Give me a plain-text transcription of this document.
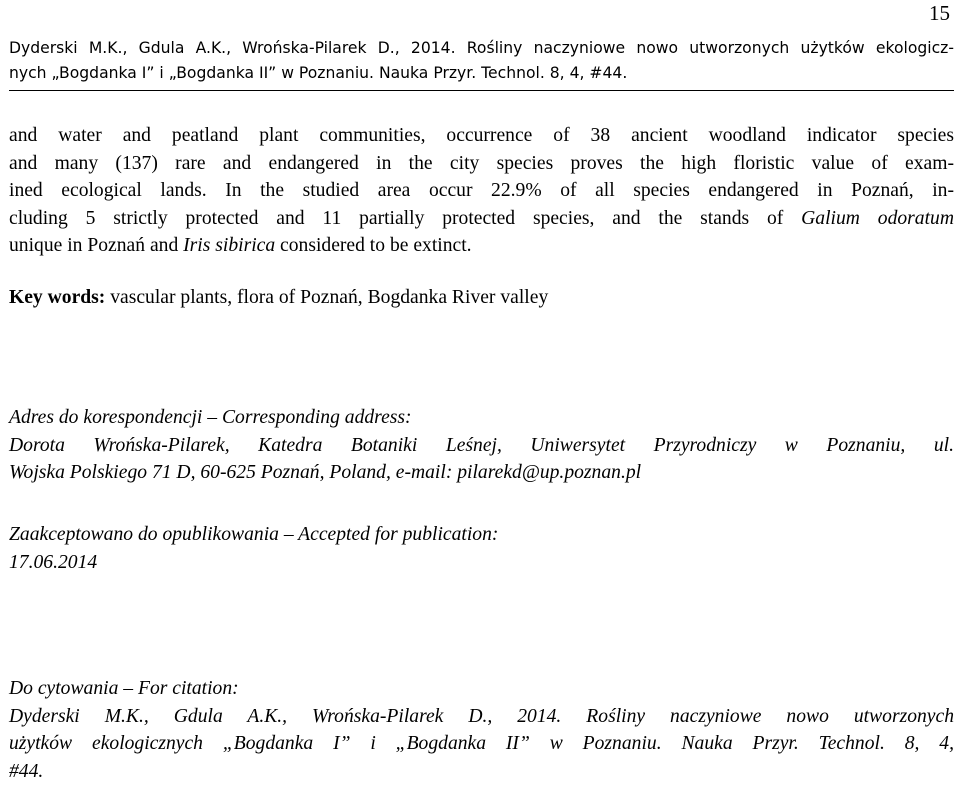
15
Dyderski M.K., Gdula A.K., Wrońska-Pilarek D., 2014. Rośliny naczyniowe nowo utworzonych użytków ekologicz-
nych „Bogdanka I” i „Bogdanka II” w Poznaniu. Nauka Przyr. Technol. 8, 4, #44.
and water and peatland plant communities, occurrence of 38 ancient woodland indicator species
and many (137) rare and endangered in the city species proves the high floristic value of exam-
ined ecological lands. In the studied area occur 22.9% of all species endangered in Poznań, in-
cluding 5 strictly protected and 11 partially protected species, and the stands of Galium odoratum
unique in Poznań and Iris sibirica considered to be extinct.
Key words: vascular plants, flora of Poznań, Bogdanka River valley
Adres do korespondencji – Corresponding address:
Dorota Wrońska-Pilarek, Katedra Botaniki Leśnej, Uniwersytet Przyrodniczy w Poznaniu, ul.
Wojska Polskiego 71 D, 60-625 Poznań, Poland, e-mail: pilarekd@up.poznan.pl
Zaakceptowano do opublikowania – Accepted for publication:
17.06.2014
Do cytowania – For citation:
Dyderski M.K., Gdula A.K., Wrońska-Pilarek D., 2014. Rośliny naczyniowe nowo utworzonych
użytków ekologicznych „Bogdanka I” i „Bogdanka II” w Poznaniu. Nauka Przyr. Technol. 8, 4,
#44.
